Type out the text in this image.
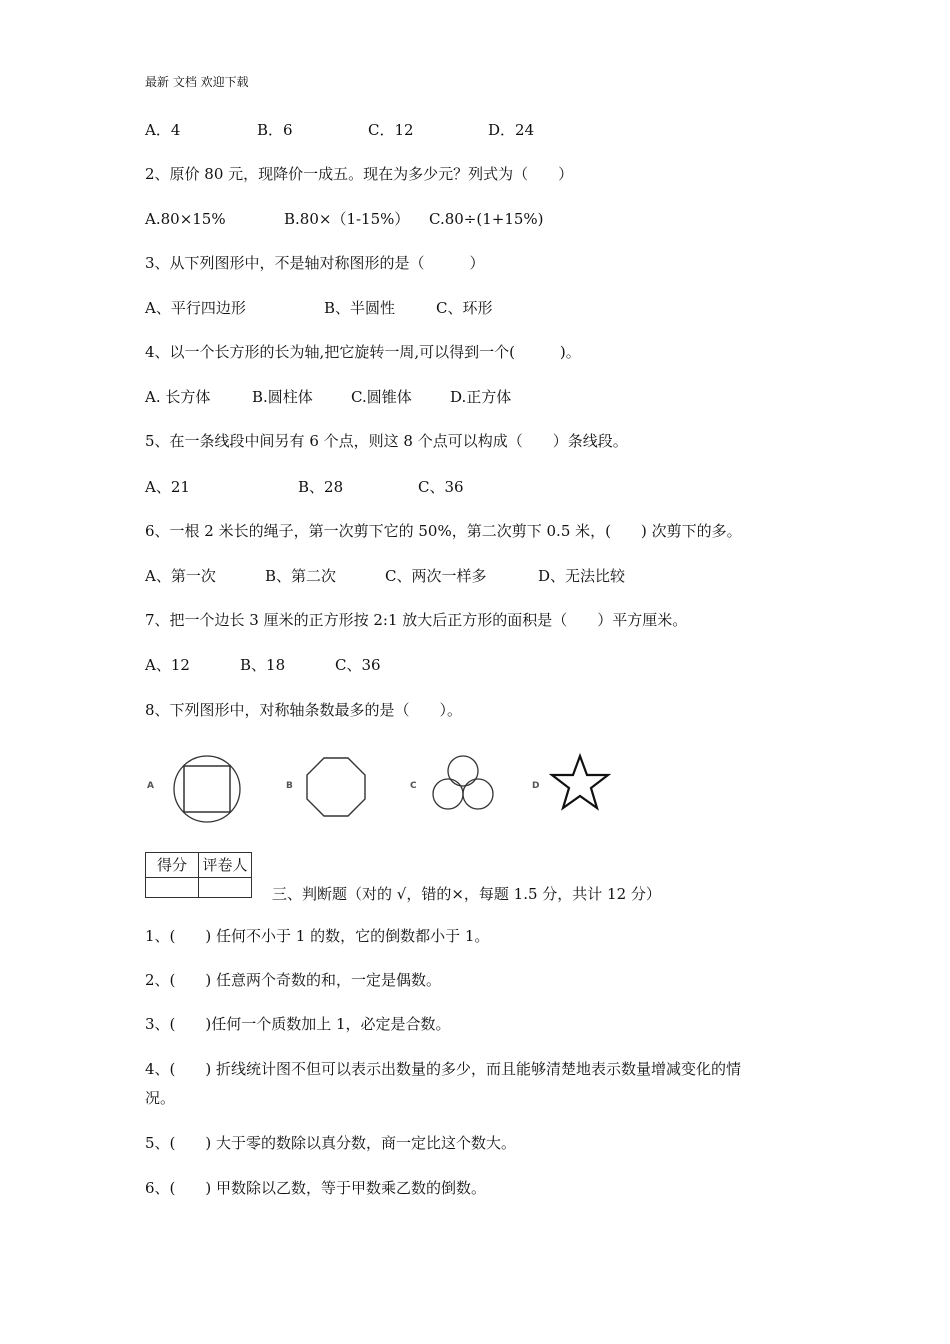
最新 文档 欢迎下载
A．4	B．6	C．12	D．24
2、原价 80 元，现降价一成五。现在为多少元？列式为（　　）
A.80×15%	B.80×（1-15%） C.80÷(1+15%)
3、从下列图形中，不是轴对称图形的是（　　　）
A、平行四边形	B、半圆性	C、环形
4、以一个长方形的长为轴,把它旋转一周,可以得到一个(　　　)。
A. 长方体	B.圆柱体	C.圆锥体	D.正方体
5、在一条线段中间另有 6 个点，则这 8 个点可以构成（　　）条线段。
A、21	B、28	C、36
6、一根 2 米长的绳子，第一次剪下它的 50%，第二次剪下 0.5 米，(　　) 次剪下的多。
A、第一次	B、第二次	C、两次一样多	D、无法比较
7、把一个边长 3 厘米的正方形按 2:1 放大后正方形的面积是（　　）平方厘米。
A、12	B、18	C、36
8、下列图形中，对称轴条数最多的是（　　）。
A	B	C	D
得分	评卷人
三、判断题（对的 √，错的×，每题 1.5 分，共计 12 分）
1、(　　) 任何不小于 1 的数，它的倒数都小于 1。
2、(　　) 任意两个奇数的和，一定是偶数。
3、(　　)任何一个质数加上 1，必定是合数。
4、(　　) 折线统计图不但可以表示出数量的多少，而且能够清楚地表示数量增减变化的情
况。
5、(　　) 大于零的数除以真分数，商一定比这个数大。
6、(　　) 甲数除以乙数，等于甲数乘乙数的倒数。
